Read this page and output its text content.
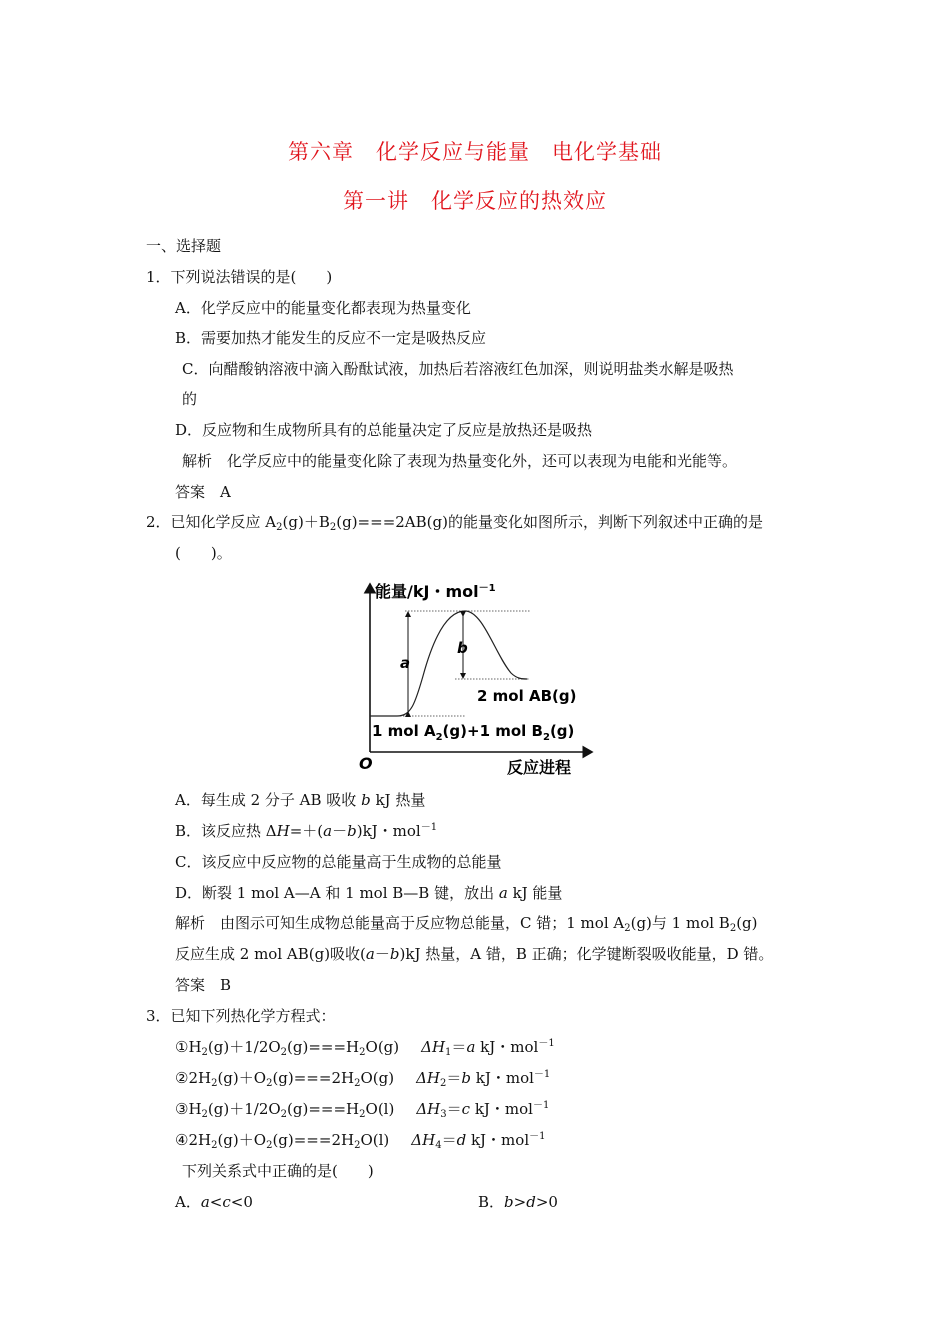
第六章　化学反应与能量　电化学基础
第一讲　化学反应的热效应
一、选择题
1．下列说法错误的是(　　)
A．化学反应中的能量变化都表现为热量变化
B．需要加热才能发生的反应不一定是吸热反应
C．向醋酸钠溶液中滴入酚酞试液，加热后若溶液红色加深，则说明盐类水解是吸热
的
D．反应物和生成物所具有的总能量决定了反应是放热还是吸热
解析　化学反应中的能量变化除了表现为热量变化外，还可以表现为电能和光能等。
答案　A
2．已知化学反应 $A_2(g)+B_2(g)===2AB(g)$的能量变化如图所示，判断下列叙述中正确的是
(　　)。
能量/kJ・mol$^{-1}$
a
b
2 mol AB(g)
1 mol $A_2(g)+1$ mol $B_2(g)$
O	反应进程
A．每生成 2 分子 AB 吸收 b kJ 热量
B．该反应热 ΔH=＋(a－b)kJ・mol$^{-1}$
C．该反应中反应物的总能量高于生成物的总能量
D．断裂 1 mol A—A 和 1 mol B—B 键，放出 a kJ 能量
解析　由图示可知生成物总能量高于反应物总能量，C 错；1 mol $A_2(g)$与 1 mol $B_2(g)$
反应生成 2 mol AB(g)吸收(a－b)kJ 热量，A 错，B 正确；化学键断裂吸收能量，D 错。
答案　B
3．已知下列热化学方程式：
$①H_2(g)+1/2O_2(g)===H_2O(g)$ $\Delta H_1=a$ kJ・mol$^{-1}$
$②2H_2(g)+O_2(g)===2H_2O(g)$ $\Delta H_2=b$ kJ・mol$^{-1}$
$③H_2(g)+1/2O_2(g)===H_2O(l)$ $\Delta H_3=c$ kJ・mol$^{-1}$
$④2H_2(g)+O_2(g)===2H_2O(l)$ $\Delta H_4=d$ kJ・mol$^{-1}$
下列关系式中正确的是(　　)
A．a<c<0	B．b>d>0
